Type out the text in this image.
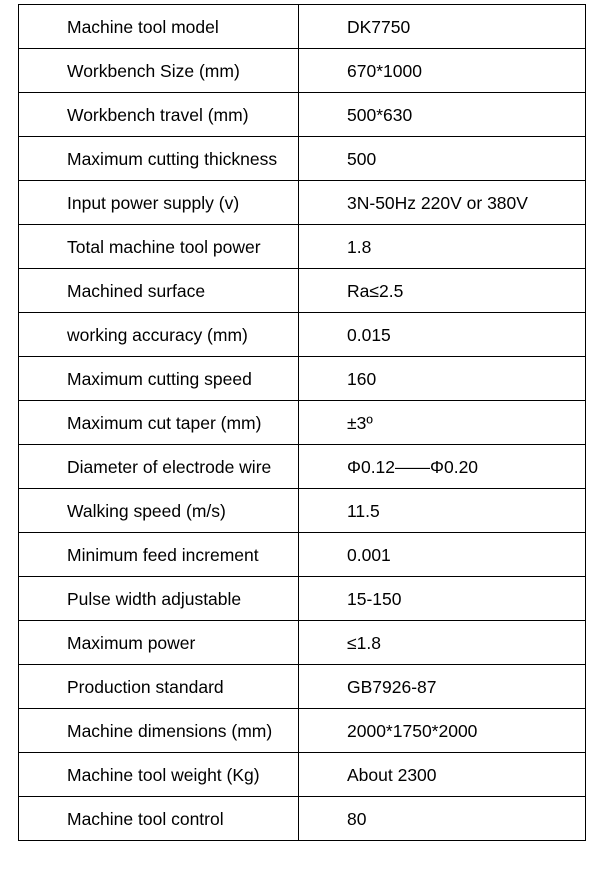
Machine tool model	DK7750
Workbench Size (mm)	670*1000
Workbench travel (mm)	500*630
Maximum cutting thickness	500
Input power supply (v)	3N-50Hz 220V or 380V
Total machine tool power	1.8
Machined surface	Ra≤2.5
working accuracy (mm)	0.015
Maximum cutting speed	160
Maximum cut taper (mm)	±3º
Diameter of electrode wire	Φ0.12——Φ0.20
Walking speed (m/s)	11.5
Minimum feed increment	0.001
Pulse width adjustable	15-150
Maximum power	≤1.8
Production standard	GB7926-87
Machine dimensions (mm)	2000*1750*2000
Machine tool weight (Kg)	About 2300
Machine tool control	80
